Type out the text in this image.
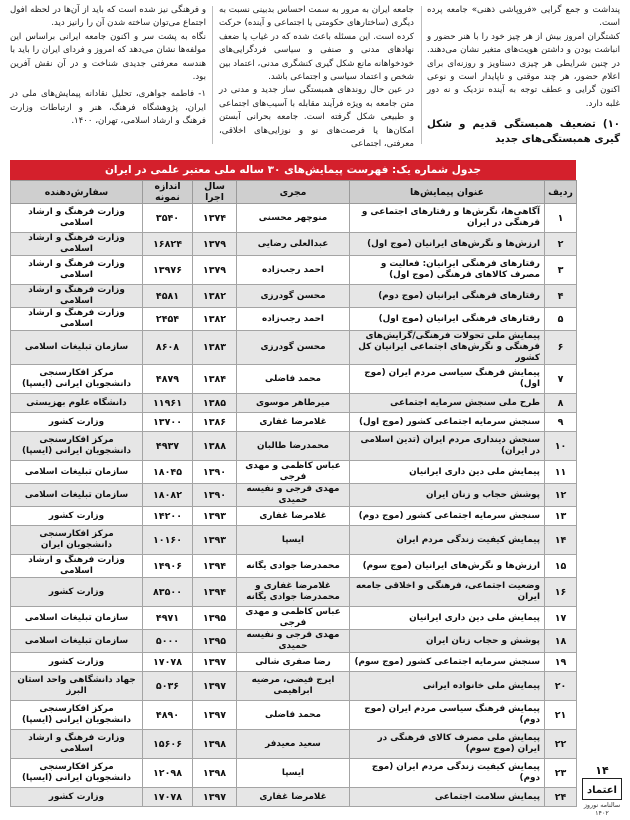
پنداشت و جمع گرایی «فروپاشی ذهنی» جامعه پرده است.

کشتگران امروز بیش از هر چیز خود را با هنر حضور و انباشت بودن و داشتن هویت‌های متغیر نشان می‌دهند. در چنین شرایطی هر چیزی دستاویز و روزنه‌ای برای اعلام حضور، هر چند موقتی و ناپایدار است و نوعی اکنون گرایی و عطف توجه به آینده نزدیک و نه دور غلبه دارد.

۱۰) تضعیف همبستگی قدیم و شکل گیری همبستگی‌های جدید

جامعه ایران به مرور به سمت احساس بدبینی نسبت به دیگری (ساختارهای حکومتی یا اجتماعی و آینده) حرکت کرده است. این مسئله باعث شده که در غیاب یا ضعف نهادهای مدنی و صنفی و سیاسی فردگرایی‌های خودخواهانه مانع شکل گیری کنشگری مدنی، اعتماد بین شخص و اعتماد سیاسی و اجتماعی باشد.

در عین حال روندهای همبستگی ساز جدید و مدنی در متن جامعه به ویژه فرآیند مقابله با آسیب‌های اجتماعی و طبیعی شکل گرفته است. جامعه بحرانی آبستن امکان‌ها یا فرصت‌های نو و نوزایی‌های اخلاقی، معرفتی، اجتماعی

و فرهنگی نیز شده است که باید از آن‌ها در لحظه افول اجتماع می‌توان ساخته شدن آن را رانیز دید.

نگاه به پشت سر و اکنون جامعه ایرانی براساس این مولفه‌ها نشان می‌دهد که امروز و فردای ایران را باید با هندسه معرفتی جدیدی شناخت و در آن نقش آفرین بود.

۱- فاطمه جواهری، تحلیل نقادانه پیمایش‌های ملی در ایران، پژوهشگاه فرهنگ، هنر و ارتباطات وزارت فرهنگ و ارشاد اسلامی، تهران، ۱۴۰۰.

جدول شماره یک: فهرست پیمایش‌های ۳۰ ساله ملی معتبر علمی در ایران
ردیف	عنوان پیمایش‌ها	مجری	سال اجرا	اندازه نمونه	سفارش‌دهنده
۱	آگاهی‌ها، نگرش‌ها و رفتارهای اجتماعی و فرهنگی در ایران	منوچهر محسنی	۱۳۷۴	۳۵۴۰	وزارت فرهنگ و ارشاد اسلامی
۲	ارزش‌ها و نگرش‌های ایرانیان (موج اول)	عبدالعلی رضایی	۱۳۷۹	۱۶۸۲۴	وزارت فرهنگ و ارشاد اسلامی
۳	رفتارهای فرهنگی ایرانیان: فعالیت و مصرف کالاهای فرهنگی (موج اول)	احمد رجب‌زاده	۱۳۷۹	۱۳۹۷۶	وزارت فرهنگ و ارشاد اسلامی
۴	رفتارهای فرهنگی ایرانیان (موج دوم)	محسن گودرزی	۱۳۸۲	۴۵۸۱	وزارت فرهنگ و ارشاد اسلامی
۵	رفتارهای فرهنگی ایرانیان (موج اول)	احمد رجب‌زاده	۱۳۸۲	۲۴۵۴	وزارت فرهنگ و ارشاد اسلامی
۶	پیمایش ملی تحولات فرهنگی/گرایش‌های فرهنگی و نگرش‌های اجتماعی ایرانیان کل کشور	محسن گودرزی	۱۳۸۳	۸۶۰۸	سازمان تبلیغات اسلامی
۷	پیمایش فرهنگ سیاسی مردم ایران (موج اول)	محمد فاضلی	۱۳۸۴	۴۸۷۹	مرکز افکارسنجی دانشجویان ایرانی (ایسپا)
۸	طرح ملی سنجش سرمایه اجتماعی	میرطاهر موسوی	۱۳۸۵	۱۱۹۶۱	دانشگاه علوم بهزیستی
۹	سنجش سرمایه اجتماعی کشور (موج اول)	غلامرضا غفاری	۱۳۸۶	۱۳۷۰۰	وزارت کشور
۱۰	سنجش دینداری مردم ایران (تدین اسلامی در ایران)	محمدرضا طالبان	۱۳۸۸	۴۹۳۷	مرکز افکارسنجی دانشجویان ایرانی (ایسپا)
۱۱	پیمایش ملی دین داری ایرانیان	عباس کاظمی و مهدی فرجی	۱۳۹۰	۱۸۰۴۵	سازمان تبلیغات اسلامی
۱۲	پوشش حجاب و زنان ایران	مهدی فرجی و نفیسه حمیدی	۱۳۹۰	۱۸۰۸۲	سازمان تبلیغات اسلامی
۱۳	سنجش سرمایه اجتماعی کشور (موج دوم)	غلامرضا غفاری	۱۳۹۳	۱۴۲۰۰	وزارت کشور
۱۴	پیمایش کیفیت زندگی مردم ایران	ایسپا	۱۳۹۳	۱۰۱۶۰	مرکز افکارسنجی دانشجویان ایران
۱۵	ارزش‌ها و نگرش‌های ایرانیان (موج سوم)	محمدرضا جوادی یگانه	۱۳۹۴	۱۴۹۰۶	وزارت فرهنگ و ارشاد اسلامی
۱۶	وضعیت اجتماعی، فرهنگی و اخلاقی جامعه ایران	غلامرضا غفاری و محمدرضا جوادی یگانه	۱۳۹۴	۸۳۵۰۰	وزارت کشور
۱۷	پیمایش ملی دین داری ایرانیان	عباس کاظمی و مهدی فرجی	۱۳۹۵	۴۹۷۱	سازمان تبلیغات اسلامی
۱۸	پوشش و حجاب زنان ایران	مهدی فرجی و نفیسه حمیدی	۱۳۹۵	۵۰۰۰	سازمان تبلیغات اسلامی
۱۹	سنجش سرمایه اجتماعی کشور (موج سوم)	رضا صفری شالی	۱۳۹۷	۱۷۰۷۸	وزارت کشور
۲۰	پیمایش ملی خانواده ایرانی	ایرج فیضی، مرضیه ابراهیمی	۱۳۹۷	۵۰۳۶	جهاد دانشگاهی واحد استان البرز
۲۱	پیمایش فرهنگ سیاسی مردم ایران (موج دوم)	محمد فاضلی	۱۳۹۷	۴۸۹۰	مرکز افکارسنجی دانشجویان ایرانی (ایسپا)
۲۲	پیمایش ملی مصرف کالای فرهنگی در ایران (موج سوم)	سعید معیدفر	۱۳۹۸	۱۵۶۰۶	وزارت فرهنگ و ارشاد اسلامی
۲۳	پیمایش کیفیت زندگی مردم ایران (موج دوم)	ایسپا	۱۳۹۸	۱۲۰۹۸	مرکز افکارسنجی دانشجویان ایرانی (ایسپا)
۲۴	پیمایش سلامت اجتماعی	غلامرضا غفاری	۱۳۹۷	۱۷۰۷۸	وزارت کشور
۱۴
اعتماد
سالنامه نوروز ۱۴۰۲
